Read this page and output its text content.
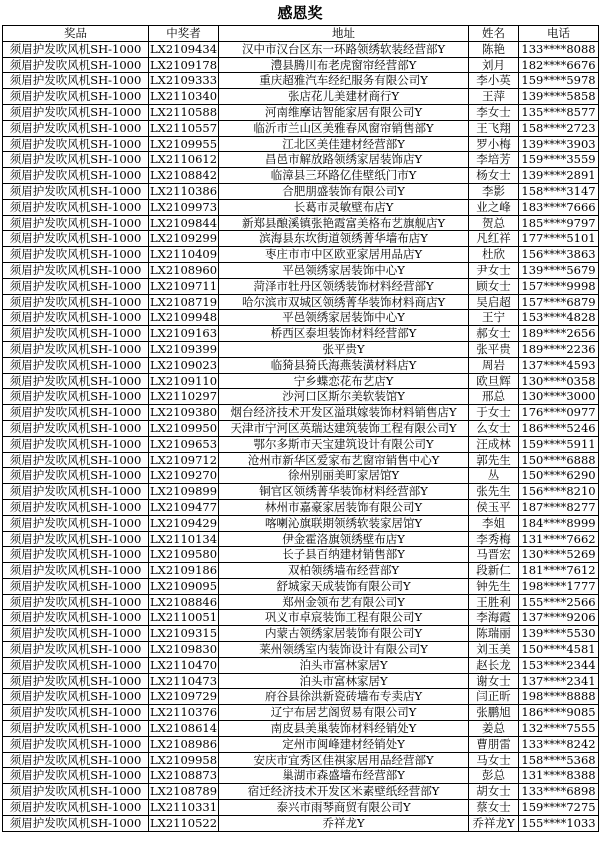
感恩奖
奖品	中奖者	地址	姓名	电话
须眉护发吹风机SH-1000	LX2109434	汉中市汉台区东一环路领绣软装经营部Y	陈艳	133****8088
须眉护发吹风机SH-1000	LX2109178	澧县腾川布老虎窗帘经营部Y	刘月	182****6676
须眉护发吹风机SH-1000	LX2109333	重庆超雅汽车经纪服务有限公司Y	李小英	159****5978
须眉护发吹风机SH-1000	LX2110340	张店花儿美建材商行Y	王萍	139****5858
须眉护发吹风机SH-1000	LX2110588	河南维摩诘智能家居有限公司Y	李女士	135****8577
须眉护发吹风机SH-1000	LX2110557	临沂市兰山区美雅春风窗帘销售部Y	王飞翔	158****2723
须眉护发吹风机SH-1000	LX2109955	江北区美佳建材经营部Y	罗小梅	139****3903
须眉护发吹风机SH-1000	LX2110612	昌邑市解放路领绣家居装饰店Y	李培芳	159****3559
须眉护发吹风机SH-1000	LX2108842	临漳县三环路亿佳壁纸门市Y	杨女士	139****2891
须眉护发吹风机SH-1000	LX2110386	合肥朋盛装饰有限公司Y	李影	158****3147
须眉护发吹风机SH-1000	LX2109973	长葛市灵敏壁布店Y	业之峰	183****7666
须眉护发吹风机SH-1000	LX2109844	新郑县酿溪镇张艳霞富美格布艺旗舰店Y	贺总	185****9797
须眉护发吹风机SH-1000	LX2109299	滨海县东坎街道领绣菁华墙布店Y	凡红祥	177****5101
须眉护发吹风机SH-1000	LX2110409	枣庄市市中区欧亚家居用品店Y	杜欣	156****3863
须眉护发吹风机SH-1000	LX2108960	平邑领绣家居装饰中心Y	尹女士	139****5679
须眉护发吹风机SH-1000	LX2109711	菏泽市牡丹区领绣装饰材料经营部Y	顾女士	157****9998
须眉护发吹风机SH-1000	LX2108719	哈尔滨市双城区领绣菁华装饰材料商店Y	吴启超	157****6879
须眉护发吹风机SH-1000	LX2109948	平邑领绣家居装饰中心Y	王宁	153****4828
须眉护发吹风机SH-1000	LX2109163	桥西区泰坦装饰材料经营部Y	郝女士	189****2656
须眉护发吹风机SH-1000	LX2109399	张平贵Y	张平贵	189****2236
须眉护发吹风机SH-1000	LX2109023	临猗县猗氏海燕装潢材料店Y	周岩	137****4593
须眉护发吹风机SH-1000	LX2109110	宁乡蝶恋花布艺店Y	欧旦辉	130****0358
须眉护发吹风机SH-1000	LX2110297	沙河口区斯尔美软装馆Y	邢总	130****3000
须眉护发吹风机SH-1000	LX2109380	烟台经济技术开发区溢琪嫁装饰材料销售店Y	于女士	176****0977
须眉护发吹风机SH-1000	LX2109950	天津市宁河区英瑞达建筑装饰工程有限公司Y	么女士	186****5246
须眉护发吹风机SH-1000	LX2109653	鄂尔多斯市天宝建筑设计有限公司Y	汪成林	159****5911
须眉护发吹风机SH-1000	LX2109712	沧州市新华区爱家布艺窗帘销售中心Y	郭先生	150****6888
须眉护发吹风机SH-1000	LX2109270	徐州别丽美町家居馆Y	丛	150****6290
须眉护发吹风机SH-1000	LX2109899	铜官区领绣菁华装饰材料经营部Y	张先生	156****8210
须眉护发吹风机SH-1000	LX2109477	林州市嘉豪家居装饰有限公司Y	侯玉平	187****8277
须眉护发吹风机SH-1000	LX2109429	喀喇沁旗联期领绣软装家居馆Y	李姐	184****8999
须眉护发吹风机SH-1000	LX2110134	伊金霍洛旗领绣壁布店Y	李秀梅	131****7662
须眉护发吹风机SH-1000	LX2109580	长子县百纳建材销售部Y	马晋宏	130****5269
须眉护发吹风机SH-1000	LX2109186	双柏领绣墙布经营部Y	段新仁	181****7612
须眉护发吹风机SH-1000	LX2109095	舒城家天成装饰有限公司Y	钟先生	198****1777
须眉护发吹风机SH-1000	LX2108846	郑州金领布艺有限公司Y	王胜利	155****2566
须眉护发吹风机SH-1000	LX2110051	巩义市卓宸装饰工程有限公司Y	李海霞	137****9206
须眉护发吹风机SH-1000	LX2109315	内蒙古领绣家居装饰有限公司Y	陈瑞丽	139****5530
须眉护发吹风机SH-1000	LX2109830	莱州领绣室内装饰设计有限公司Y	刘玉美	150****4581
须眉护发吹风机SH-1000	LX2110470	泊头市富林家居Y	赵长龙	153****2344
须眉护发吹风机SH-1000	LX2110473	泊头市富林家居Y	谢女士	137****2341
须眉护发吹风机SH-1000	LX2109729	府谷县徐洪新瓷砖墙布专卖店Y	闫正昕	198****8888
须眉护发吹风机SH-1000	LX2110376	辽宁布居艺阁贸易有限公司Y	张鹏旭	186****9085
须眉护发吹风机SH-1000	LX2108614	南皮县美巢装饰材料经销处Y	姜总	132****7555
须眉护发吹风机SH-1000	LX2108986	定州市闽峰建材经销处Y	曹朋雷	133****8242
须眉护发吹风机SH-1000	LX2109958	安庆市宜秀区佳祺家居用品经营部Y	马女士	158****5368
须眉护发吹风机SH-1000	LX2108873	巢湖市森盛墙布经营部Y	彭总	131****8388
须眉护发吹风机SH-1000	LX2108789	宿迁经济技术开发区米素壁纸经营部Y	胡女士	133****6898
须眉护发吹风机SH-1000	LX2110331	泰兴市雨琴商贸有限公司Y	蔡女士	159****7275
须眉护发吹风机SH-1000	LX2110522	乔祥龙Y	乔祥龙Y	155****1033
